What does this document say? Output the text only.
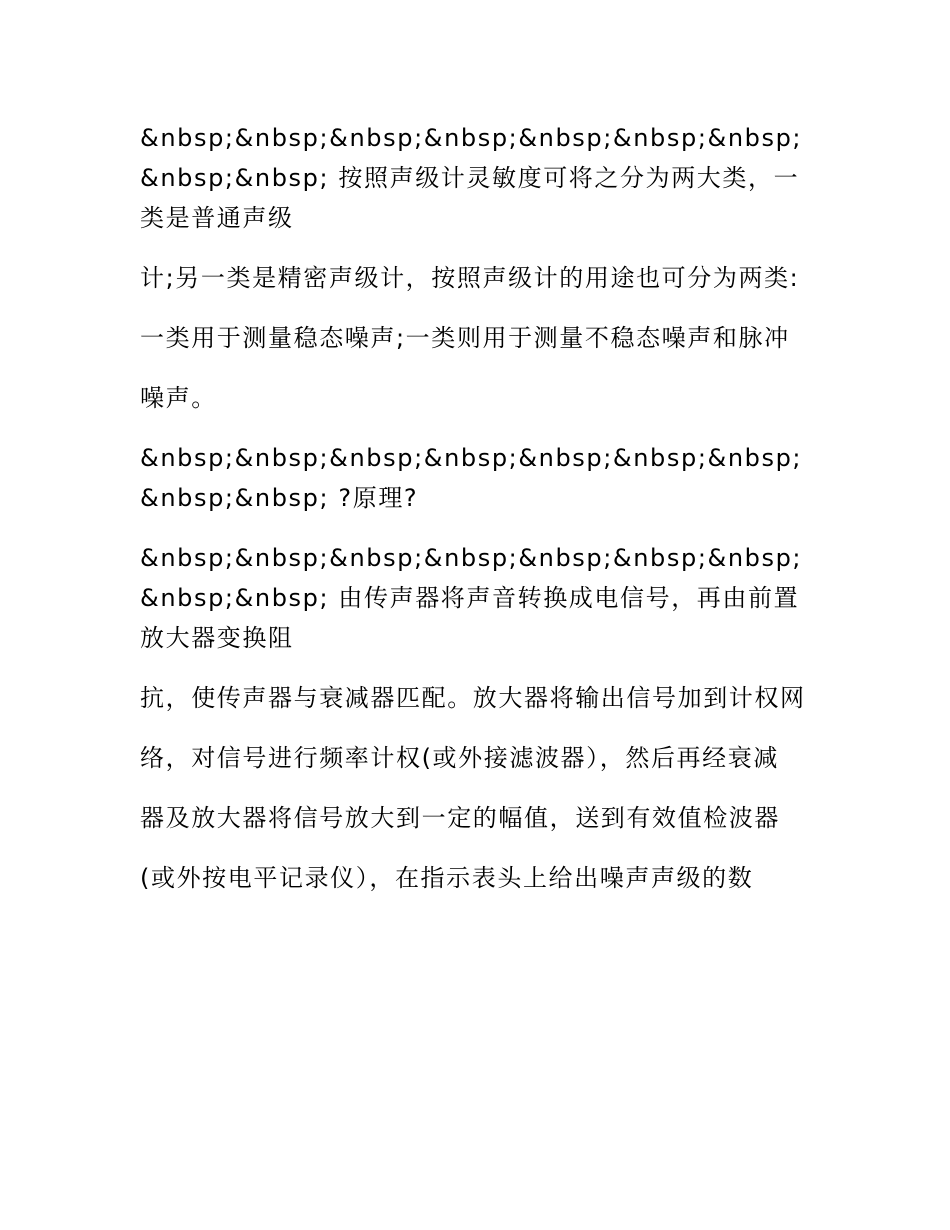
&nbsp;&nbsp;&nbsp;&nbsp;&nbsp;&nbsp;&nbsp;&nbsp;&nbsp; 按照声级计灵敏度可将之分为两大类，一类是普通声级

计;另一类是精密声级计，按照声级计的用途也可分为两类:

一类用于测量稳态噪声;一类则用于测量不稳态噪声和脉冲

噪声。

&nbsp;&nbsp;&nbsp;&nbsp;&nbsp;&nbsp;&nbsp;&nbsp;&nbsp; ?原理?

&nbsp;&nbsp;&nbsp;&nbsp;&nbsp;&nbsp;&nbsp;&nbsp;&nbsp; 由传声器将声音转换成电信号，再由前置放大器变换阻

抗，使传声器与衰减器匹配。放大器将输出信号加到计权网

络，对信号进行频率计权(或外接滤波器），然后再经衰减

器及放大器将信号放大到一定的幅值，送到有效值检波器

(或外按电平记录仪），在指示表头上给出噪声声级的数
